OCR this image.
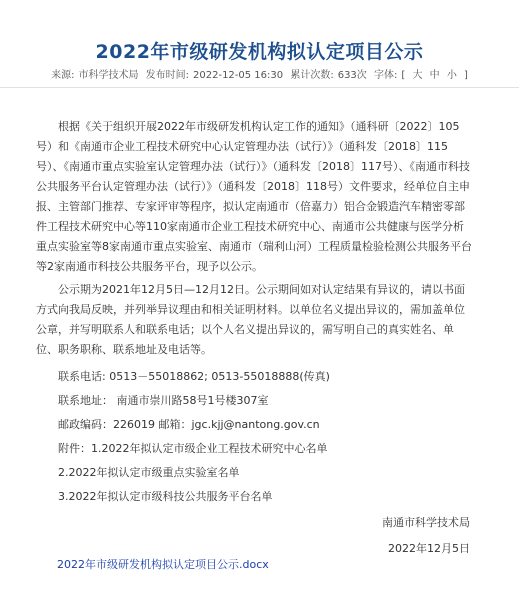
2022年市级研发机构拟认定项目公示
来源: 市科学技术局 发布时间: 2022-12-05 16:30 累计次数: 633次 字体: [ 大 中 小 ]

根据《关于组织开展2022年市级研发机构认定工作的通知》（通科研〔2022〕105号）和《南通市企业工程技术研究中心认定管理办法（试行）》（通科发〔2018〕115号）、《南通市重点实验室认定管理办法（试行）》（通科发〔2018〕117号）、《南通市科技公共服务平台认定管理办法（试行）》（通科发〔2018〕118号）文件要求，经单位自主申报、主管部门推荐、专家评审等程序，拟认定南通市（倍嘉力）铝合金锻造汽车精密零部件工程技术研究中心等110家南通市企业工程技术研究中心、南通市公共健康与医学分析重点实验室等8家南通市重点实验室、南通市（瑞利山河）工程质量检验检测公共服务平台等2家南通市科技公共服务平台，现予以公示。

公示期为2021年12月5日—12月12日。公示期间如对认定结果有异议的，请以书面方式向我局反映，并列举异议理由和相关证明材料。以单位名义提出异议的，需加盖单位公章，并写明联系人和联系电话；以个人名义提出异议的，需写明自己的真实姓名、单位、职务职称、联系地址及电话等。

联系电话: 0513－55018862; 0513-55018888(传真)

联系地址： 南通市崇川路58号1号楼307室

邮政编码：226019 邮箱：jgc.kjj@nantong.gov.cn

附件：1.2022年拟认定市级企业工程技术研究中心名单

2.2022年拟认定市级重点实验室名单

3.2022年拟认定市级科技公共服务平台名单

南通市科学技术局

2022年12月5日

2022年市级研发机构拟认定项目公示.docx
